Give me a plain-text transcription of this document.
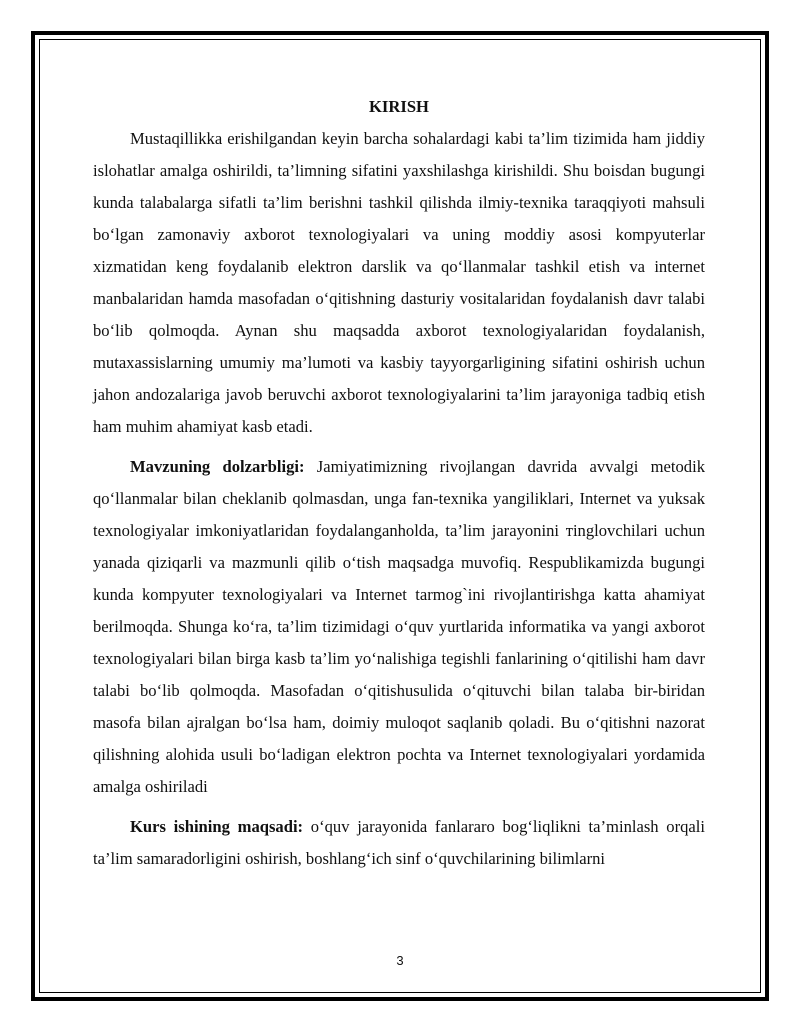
KIRISH

Mustaqillikka erishilgandan keyin barcha sohalardagi kabi ta’lim tizimida ham jiddiy islohatlar amalga oshirildi, ta’limning sifatini yaxshilashga kirishildi. Shu boisdan bugungi kunda talabalarga sifatli ta’lim berishni tashkil qilishda ilmiy-texnika taraqqiyoti mahsuli bo‘lgan zamonaviy axborot texnologiyalari va uning moddiy asosi kompyuterlar xizmatidan keng foydalanib elektron darslik va qo‘llanmalar tashkil etish va internet manbalaridan hamda masofadan o‘qitishning dasturiy vositalaridan foydalanish davr talabi bo‘lib qolmoqda. Aynan shu maqsadda axborot texnologiyalaridan foydalanish, mutaxassislarning umumiy ma’lumoti va kasbiy tayyorgarligining sifatini oshirish uchun jahon andozalariga javob beruvchi axborot texnologiyalarini ta’lim jarayoniga tadbiq etish ham muhim ahamiyat kasb etadi.

Mavzuning dolzarbligi: Jamiyatimizning rivojlangan davrida avvalgi metodik qo‘llanmalar bilan cheklanib qolmasdan, unga fan-texnika yangiliklari, Internet va yuksak texnologiyalar imkoniyatlaridan foydalanganholda, ta’lim jarayonini тinglovchilari uchun yanada qiziqarli va mazmunli qilib o‘tish maqsadga muvofiq. Respublikamizda bugungi kunda kompyuter texnologiyalari va Internet tarmog`ini rivojlantirishga katta ahamiyat berilmoqda. Shunga ko‘ra, ta’lim tizimidagi o‘quv yurtlarida informatika va yangi axborot texnologiyalari bilan birga kasb ta’lim yo‘nalishiga tegishli fanlarining o‘qitilishi ham davr talabi bo‘lib qolmoqda. Masofadan o‘qitishusulida o‘qituvchi bilan talaba bir-biridan masofa bilan ajralgan bo‘lsa ham, doimiy muloqot saqlanib qoladi. Bu o‘qitishni nazorat qilishning alohida usuli bo‘ladigan elektron pochta va Internet texnologiyalari yordamida amalga oshiriladi

Kurs ishining maqsadi: o‘quv jarayonida fanlararo bog‘liqlikni ta’minlash orqali ta’lim samaradorligini oshirish, boshlang‘ich sinf o‘quvchilarining bilimlarni

3
